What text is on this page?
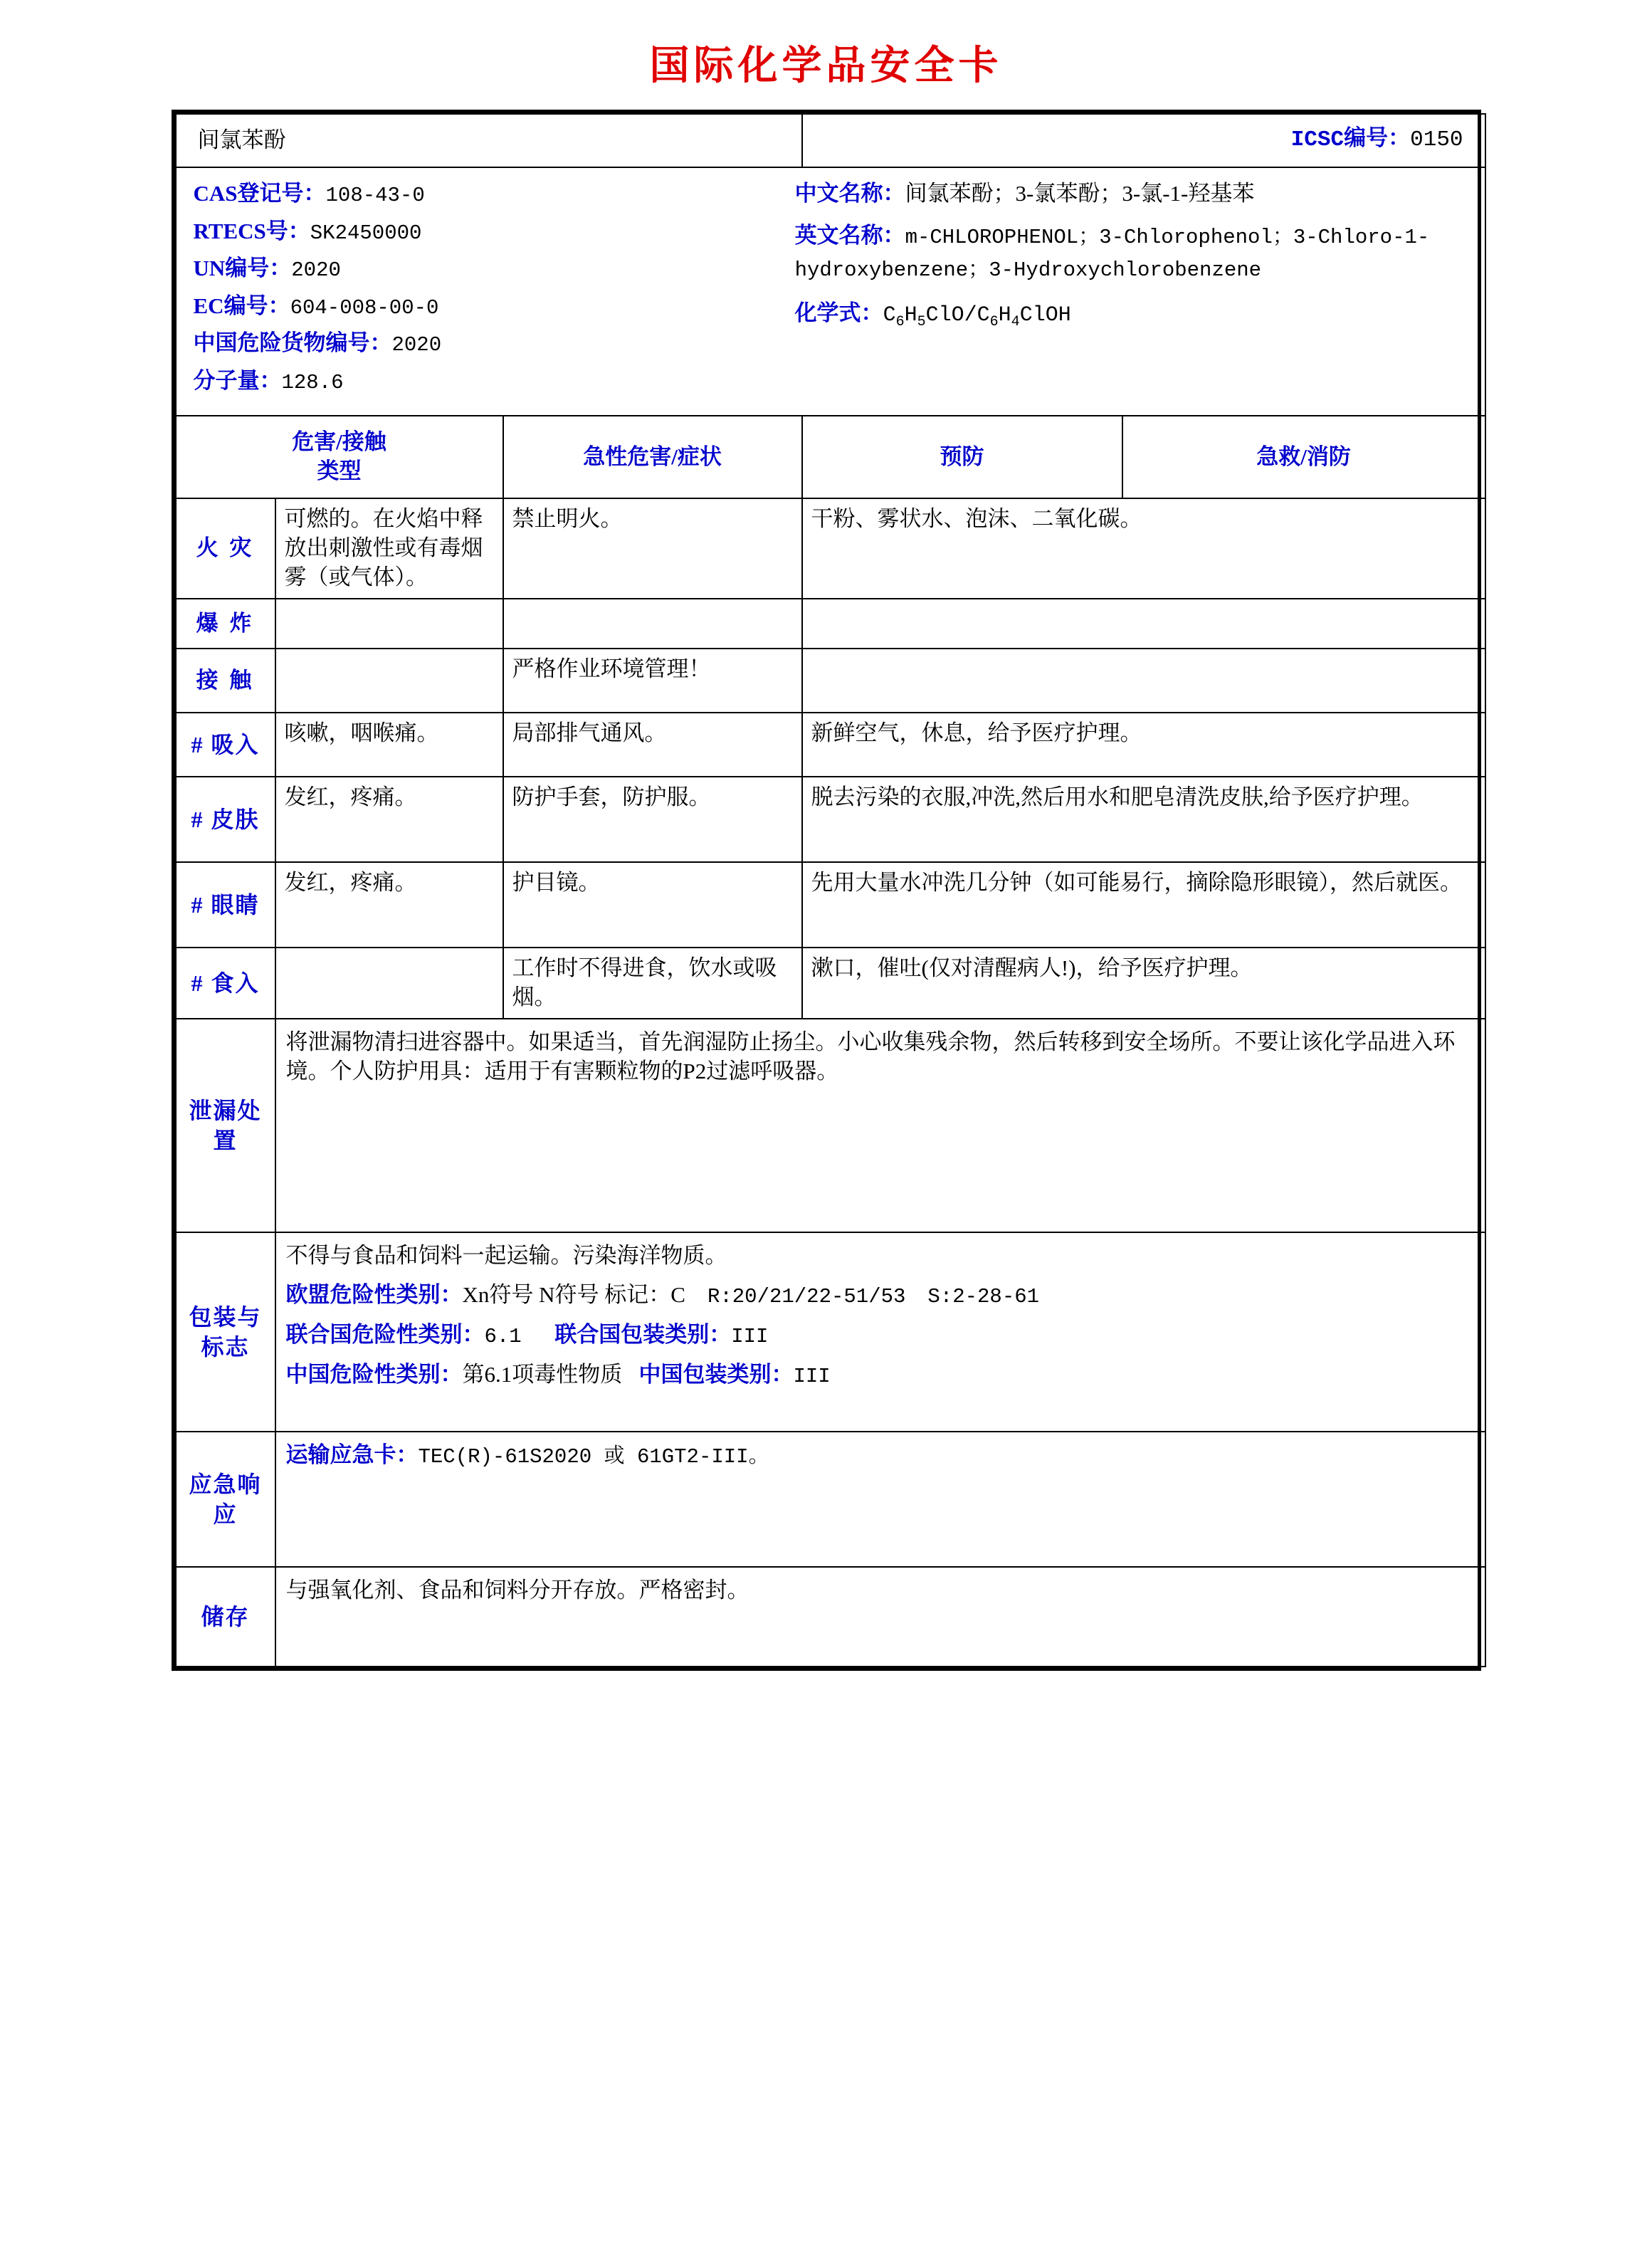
国际化学品安全卡
间氯苯酚			ICSC编号：0150	

CAS登记号：108-43-0
RTECS号：SK2450000
UN编号：2020
EC编号：604-008-00-0
中国危险货物编号：2020
分子量：128.6
中文名称：间氯苯酚；3-氯苯酚；3-氯-1-羟基苯
英文名称：m-CHLOROPHENOL；3-Chlorophenol；3-Chloro-1-hydroxybenzene；3-Hydroxychlorobenzene
化学式：$C_6H_5ClO/C_6H_4ClOH$

危害/接触
类型		急性危害/症状	预防	急救/消防
火 灾	可燃的。在火焰中释放出刺激性或有毒烟雾（或气体）。	禁止明火。	干粉、雾状水、泡沫、二氧化碳。	
爆 炸				
接 触		严格作业环境管理！		
# 吸入	咳嗽，咽喉痛。	局部排气通风。	新鲜空气，休息，给予医疗护理。	
# 皮肤	发红，疼痛。	防护手套，防护服。	脱去污染的衣服,冲洗,然后用水和肥皂清洗皮肤,给予医疗护理。	
# 眼睛	发红，疼痛。	护目镜。	先用大量水冲洗几分钟（如可能易行，摘除隐形眼镜），然后就医。	
# 食入		工作时不得进食，饮水或吸烟。	漱口，催吐(仅对清醒病人!)，给予医疗护理。	
泄漏处置	将泄漏物清扫进容器中。如果适当，首先润湿防止扬尘。小心收集残余物，然后转移到安全场所。不要让该化学品进入环境。个人防护用具：适用于有害颗粒物的P2过滤呼吸器。			
包装与标志	不得与食品和饲料一起运输。污染海洋物质。

欧盟危险性类别：Xn符号 N符号 标记：C R:20/21/22-51/53 S:2-28-61

联合国危险性类别：6.1 联合国包装类别：III

中国危险性类别：第6.1项毒性物质 中国包装类别：III			

应急响应	运输应急卡：TEC(R)-61S2020 或 61GT2-III。			

储存	与强氧化剂、食品和饲料分开存放。严格密封。			
